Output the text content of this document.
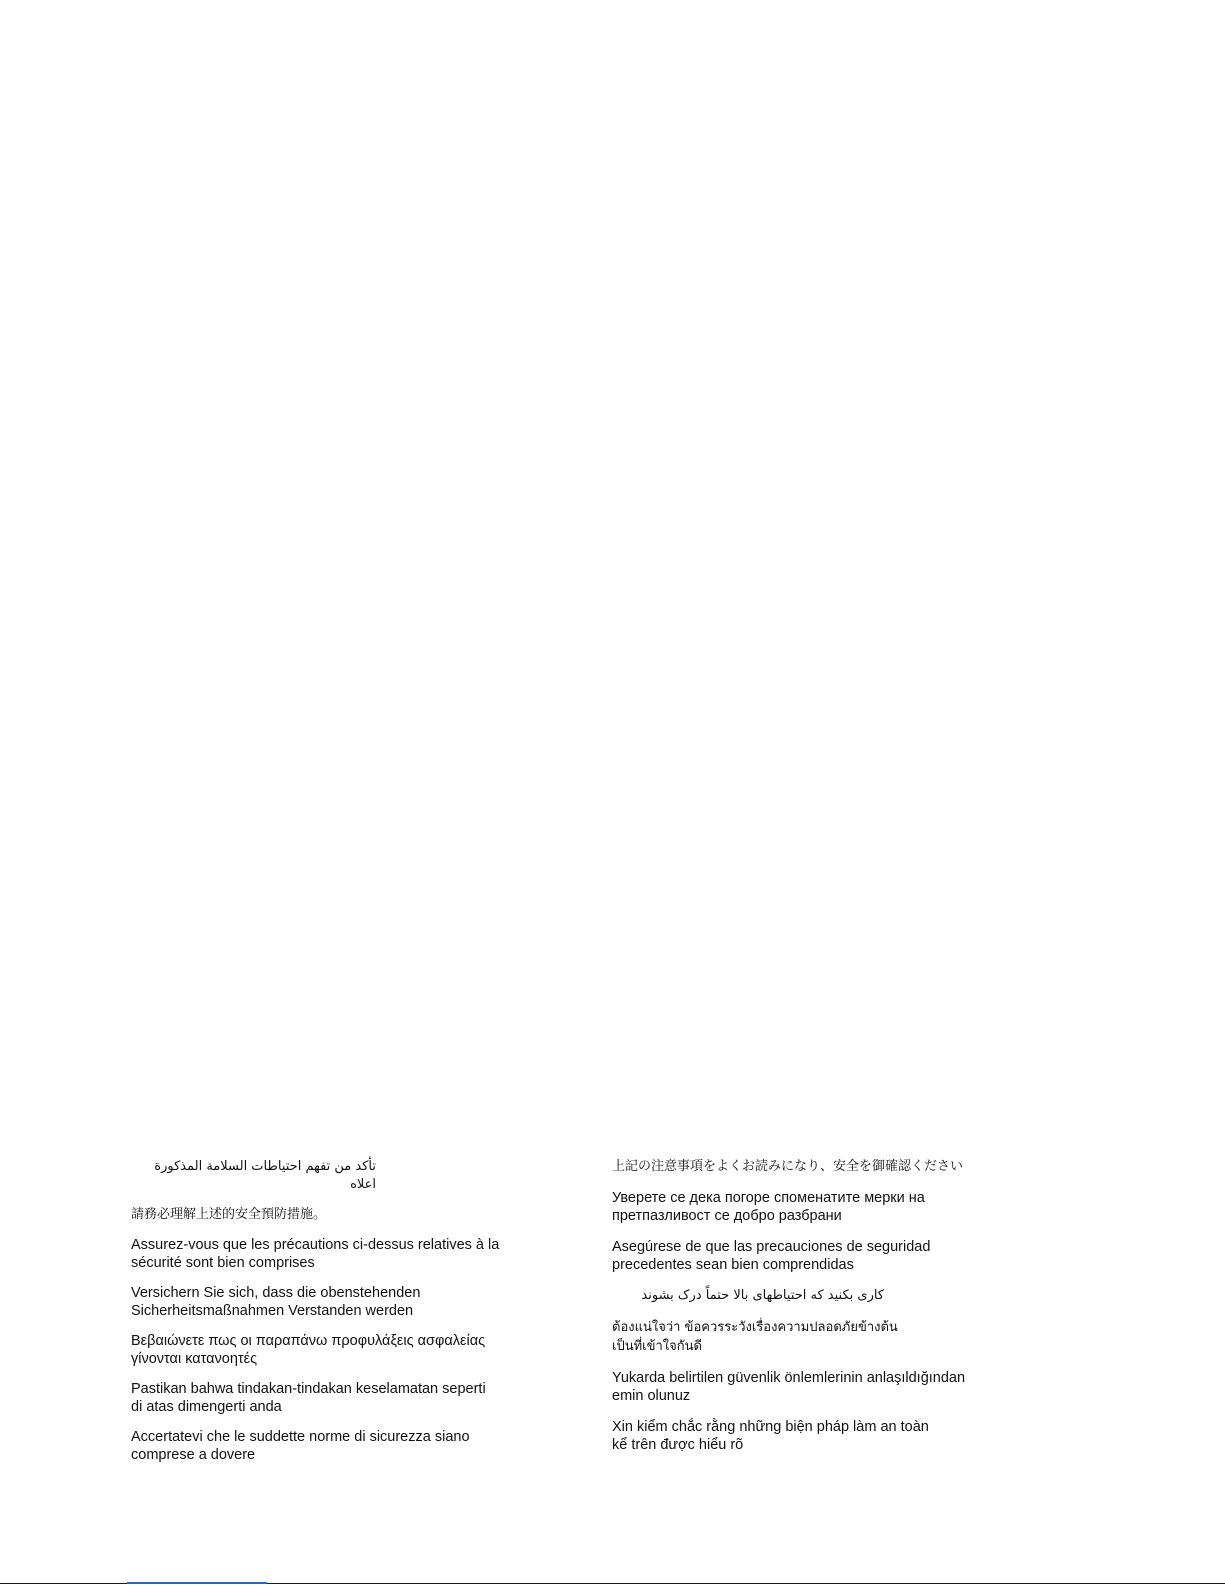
تأكد من تفهم احتياطات السلامة المذكورة اعلاه

請務必理解上述的安全預防措施。

Assurez-vous que les précautions ci-dessus relatives à la
sécurité sont bien comprises

Versichern Sie sich, dass die obenstehenden
Sicherheitsmaßnahmen Verstanden werden

Βεβαιώνετε πως οι παραπάνω προφυλάξεις ασφαλείας
γίνονται κατανοητές

Pastikan bahwa tindakan-tindakan keselamatan seperti
di atas dimengerti anda

Accertatevi che le suddette norme di sicurezza siano
comprese a dovere

上記の注意事項をよくお読みになり、安全を御確認ください

Уверете се дека погоре споменатите мерки на
претпазливост се добро разбрани

Asegúrese de que las precauciones de seguridad
precedentes sean bien comprendidas

کاری بکنید که احتیاطهای بالا حتماً درک بشوند

ต้องแน่ใจว่า ข้อควรระวังเรื่องความปลอดภัยข้างต้น
เป็นที่เข้าใจกันดี

Yukarda belirtilen güvenlik önlemlerinin anlaşıldığından
emin olunuz

Xin kiểm chắc rằng những biện pháp làm an toàn
kể trên được hiểu rõ
